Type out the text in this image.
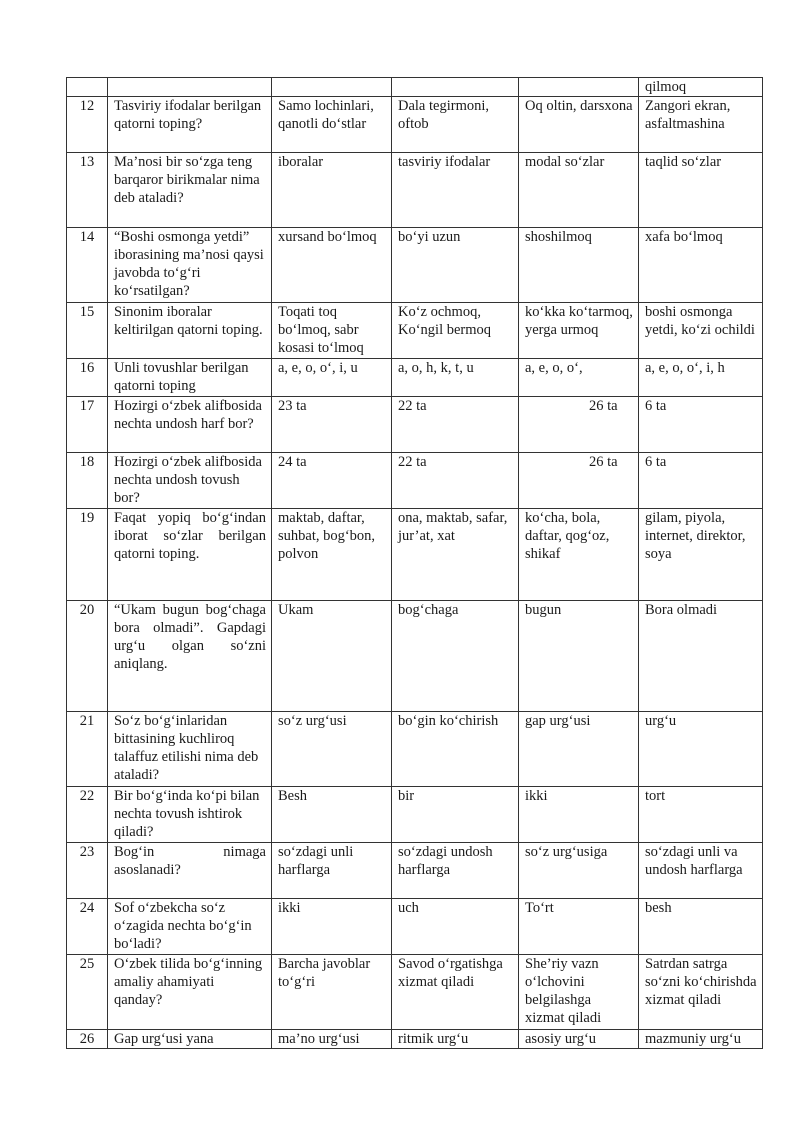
					qilmoq
12	Tasviriy ifodalar berilgan qatorni toping?	Samo lochinlari, qanotli do‘stlar	Dala tegirmoni, oftob	Oq oltin, darsxona	Zangori ekran, asfaltmashina
13	Ma’nosi bir so‘zga teng barqaror birikmalar nima deb ataladi?	iboralar	tasviriy ifodalar	modal so‘zlar	taqlid so‘zlar
14	“Boshi osmonga yetdi” iborasining ma’nosi qaysi javobda to‘g‘ri ko‘rsatilgan?	xursand bo‘lmoq	bo‘yi uzun	shoshilmoq	xafa bo‘lmoq
15	Sinonim iboralar keltirilgan qatorni toping.	Toqati toq bo‘lmoq, sabr kosasi to‘lmoq	Ko‘z ochmoq, Ko‘ngil bermoq	ko‘kka ko‘tarmoq, yerga urmoq	boshi osmonga yetdi, ko‘zi ochildi
16	Unli tovushlar berilgan qatorni toping	a, e, o, o‘, i, u	a, o, h, k, t, u	a, e, o, o‘,	a, e, o, o‘, i, h
17	Hozirgi o‘zbek alifbosida nechta undosh harf bor?	23 ta	22 ta	26 ta	6 ta
18	Hozirgi o‘zbek alifbosida nechta undosh tovush bor?	24 ta	22 ta	26 ta	6 ta
19	Faqat yopiq bo‘g‘indan iborat so‘zlar berilgan qatorni toping.	maktab, daftar, suhbat, bog‘bon, polvon	ona, maktab, safar, jur’at, xat	ko‘cha, bola, daftar, qog‘oz, shikaf	gilam, piyola, internet, direktor, soya
20	“Ukam bugun bog‘chaga bora olmadi”. Gapdagi urg‘u olgan so‘zni aniqlang.	Ukam	bog‘chaga	bugun	Bora olmadi
21	So‘z bo‘g‘inlaridan bittasining kuchliroq talaffuz etilishi nima deb ataladi?	so‘z urg‘usi	bo‘gin ko‘chirish	gap urg‘usi	urg‘u
22	Bir bo‘g‘inda ko‘pi bilan nechta tovush ishtirok qiladi?	Besh	bir	ikki	tort
23	Bog‘in nimaga asoslanadi?	so‘zdagi unli harflarga	so‘zdagi undosh harflarga	so‘z urg‘usiga	so‘zdagi unli va undosh harflarga
24	Sof o‘zbekcha so‘z o‘zagida nechta bo‘g‘in bo‘ladi?	ikki	uch	To‘rt	besh
25	O‘zbek tilida bo‘g‘inning amaliy ahamiyati qanday?	Barcha javoblar to‘g‘ri	Savod o‘rgatishga xizmat qiladi	She’riy vazn o‘lchovini belgilashga xizmat qiladi	Satrdan satrga so‘zni ko‘chirishda xizmat qiladi
26	Gap urg‘usi yana	ma’no urg‘usi	ritmik urg‘u	asosiy urg‘u	mazmuniy urg‘u
